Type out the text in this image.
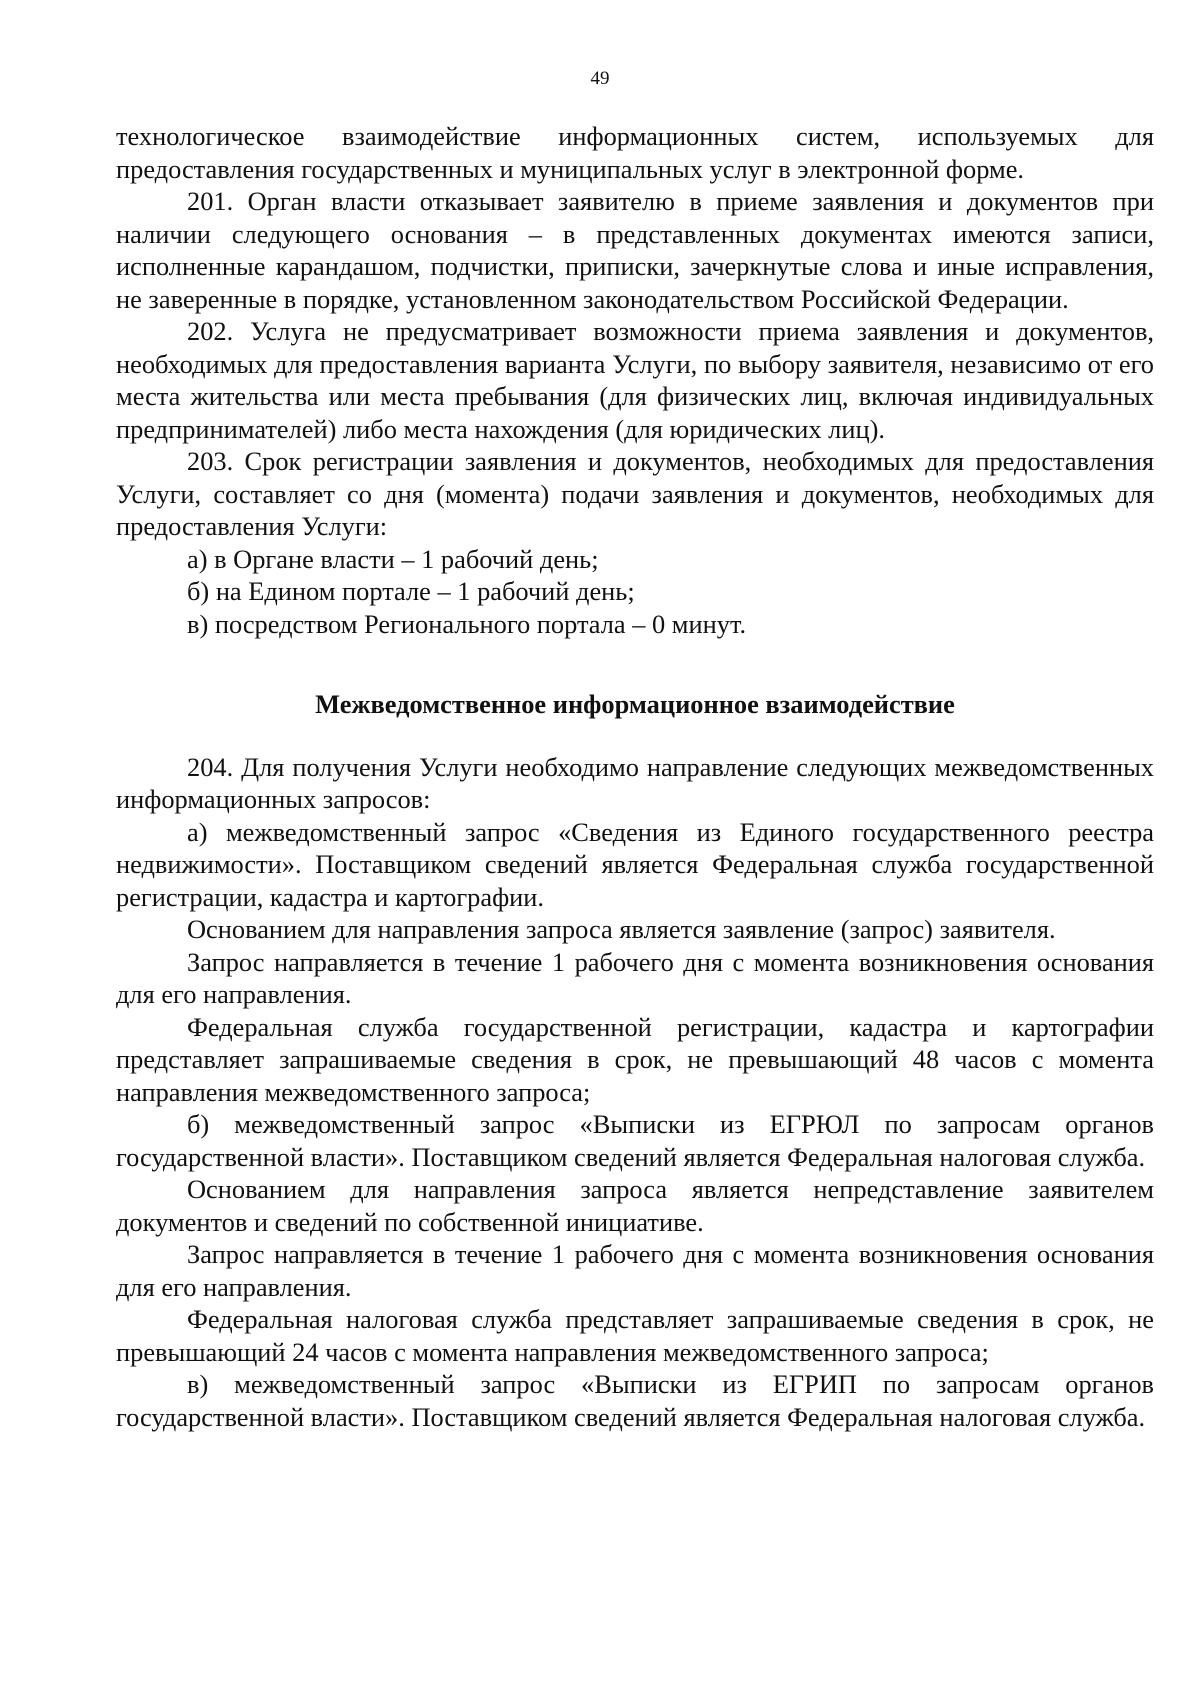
49

технологическое взаимодействие информационных систем, используемых для предоставления государственных и муниципальных услуг в электронной форме.

201. Орган власти отказывает заявителю в приеме заявления и документов при наличии следующего основания – в представленных документах имеются записи, исполненные карандашом, подчистки, приписки, зачеркнутые слова и иные исправления, не заверенные в порядке, установленном законодательством Российской Федерации.

202. Услуга не предусматривает возможности приема заявления и документов, необходимых для предоставления варианта Услуги, по выбору заявителя, независимо от его места жительства или места пребывания (для физических лиц, включая индивидуальных предпринимателей) либо места нахождения (для юридических лиц).

203. Срок регистрации заявления и документов, необходимых для предоставления Услуги, составляет со дня (момента) подачи заявления и документов, необходимых для предоставления Услуги:

а) в Органе власти – 1 рабочий день;

б) на Едином портале – 1 рабочий день;

в) посредством Регионального портала – 0 минут.

Межведомственное информационное взаимодействие

204. Для получения Услуги необходимо направление следующих межведомственных информационных запросов:

а) межведомственный запрос «Сведения из Единого государственного реестра недвижимости». Поставщиком сведений является Федеральная служба государственной регистрации, кадастра и картографии.

Основанием для направления запроса является заявление (запрос) заявителя.

Запрос направляется в течение 1 рабочего дня с момента возникновения основания для его направления.

Федеральная служба государственной регистрации, кадастра и картографии представляет запрашиваемые сведения в срок, не превышающий 48 часов с момента направления межведомственного запроса;

б) межведомственный запрос «Выписки из ЕГРЮЛ по запросам органов государственной власти». Поставщиком сведений является Федеральная налоговая служба.

Основанием для направления запроса является непредставление заявителем документов и сведений по собственной инициативе.

Запрос направляется в течение 1 рабочего дня с момента возникновения основания для его направления.

Федеральная налоговая служба представляет запрашиваемые сведения в срок, не превышающий 24 часов с момента направления межведомственного запроса;

в) межведомственный запрос «Выписки из ЕГРИП по запросам органов государственной власти». Поставщиком сведений является Федеральная налоговая служба.
